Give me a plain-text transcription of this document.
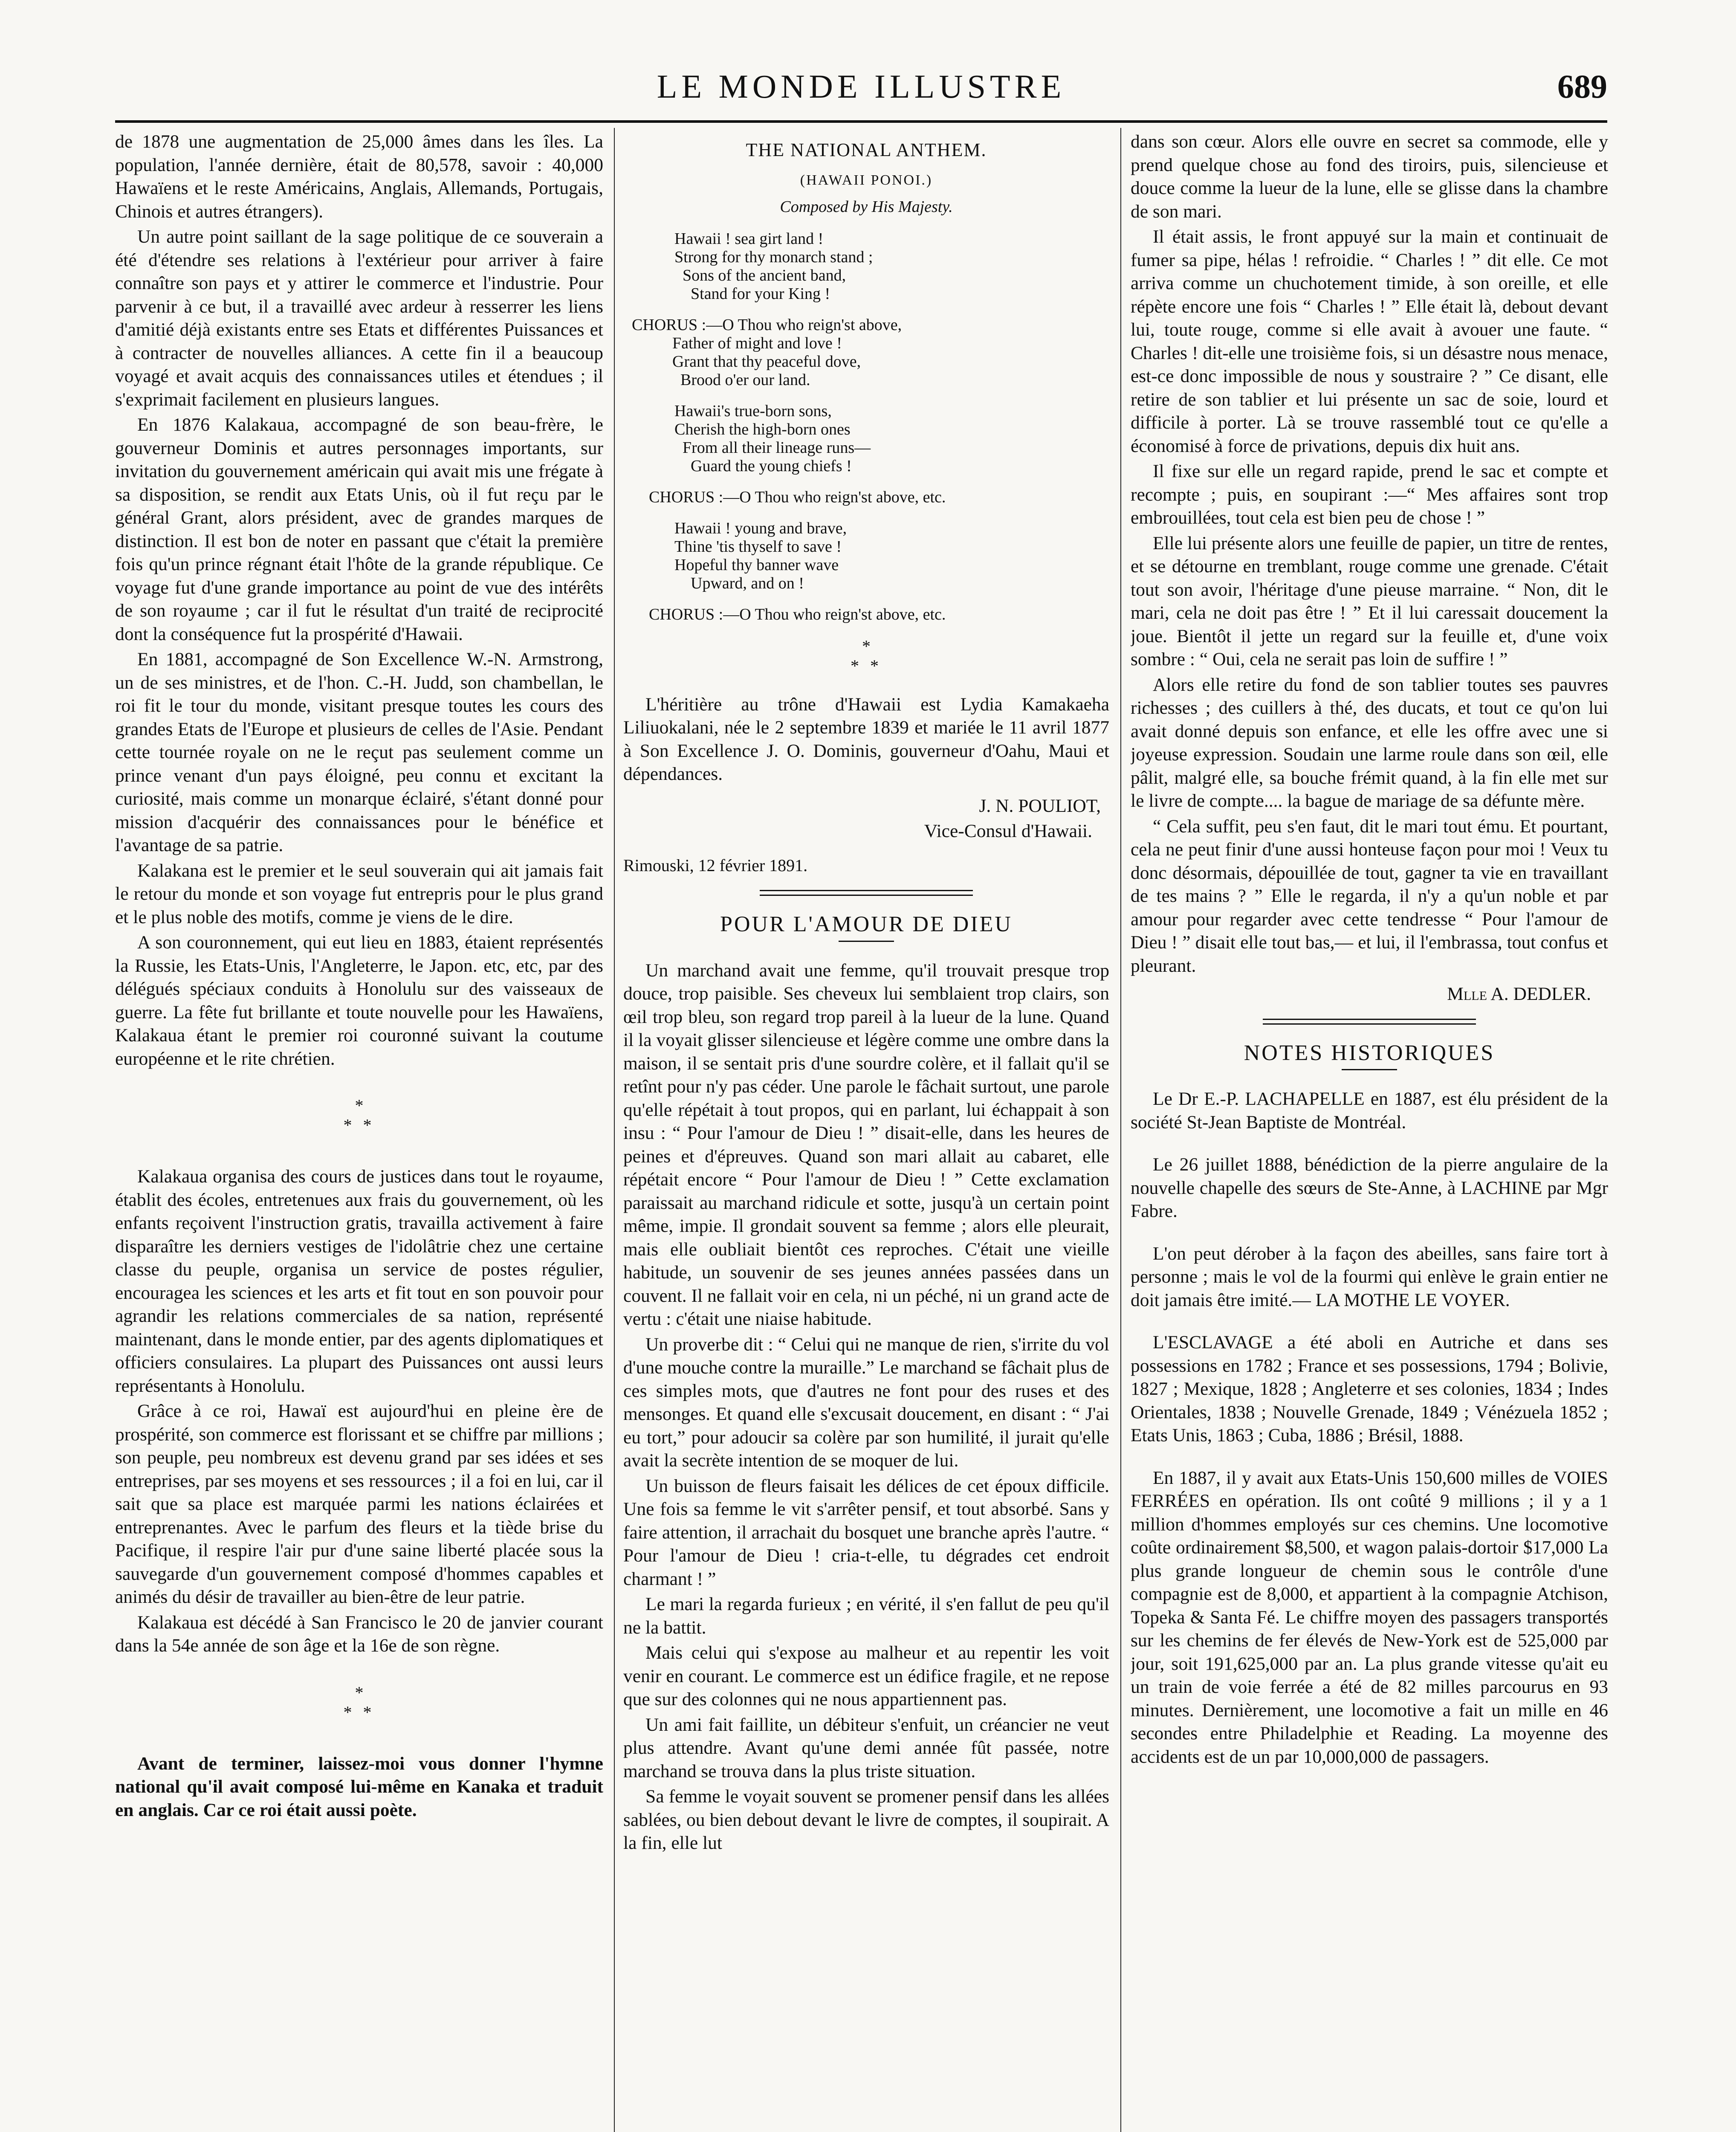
LE MONDE ILLUSTRE	689

de 1878 une augmentation de 25,000 âmes dans les îles. La population, l'année dernière, était de 80,578, savoir : 40,000 Hawaïens et le reste Américains, Anglais, Allemands, Portugais, Chinois et autres étrangers).

Un autre point saillant de la sage politique de ce souverain a été d'étendre ses relations à l'extérieur pour arriver à faire connaître son pays et y attirer le commerce et l'industrie. Pour parvenir à ce but, il a travaillé avec ardeur à resserrer les liens d'amitié déjà existants entre ses Etats et différentes Puissances et à contracter de nouvelles alliances. A cette fin il a beaucoup voyagé et avait acquis des connaissances utiles et étendues ; il s'exprimait facilement en plusieurs langues.

En 1876 Kalakaua, accompagné de son beau-frère, le gouverneur Dominis et autres personnages importants, sur invitation du gouvernement américain qui avait mis une frégate à sa disposition, se rendit aux Etats Unis, où il fut reçu par le général Grant, alors président, avec de grandes marques de distinction. Il est bon de noter en passant que c'était la première fois qu'un prince régnant était l'hôte de la grande république. Ce voyage fut d'une grande importance au point de vue des intérêts de son royaume ; car il fut le résultat d'un traité de reciprocité dont la conséquence fut la prospérité d'Hawaii.

En 1881, accompagné de Son Excellence W.-N. Armstrong, un de ses ministres, et de l'hon. C.-H. Judd, son chambellan, le roi fit le tour du monde, visitant presque toutes les cours des grandes Etats de l'Europe et plusieurs de celles de l'Asie. Pendant cette tournée royale on ne le reçut pas seulement comme un prince venant d'un pays éloigné, peu connu et excitant la curiosité, mais comme un monarque éclairé, s'étant donné pour mission d'acquérir des connaissances pour le bénéfice et l'avantage de sa patrie.

Kalakana est le premier et le seul souverain qui ait jamais fait le retour du monde et son voyage fut entrepris pour le plus grand et le plus noble des motifs, comme je viens de le dire.

A son couronnement, qui eut lieu en 1883, étaient représentés la Russie, les Etats-Unis, l'Angleterre, le Japon. etc, etc, par des délégués spéciaux conduits à Honolulu sur des vaisseaux de guerre. La fête fut brillante et toute nouvelle pour les Hawaïens, Kalakaua étant le premier roi couronné suivant la coutume européenne et le rite chrétien.

*
* *

Kalakaua organisa des cours de justices dans tout le royaume, établit des écoles, entretenues aux frais du gouvernement, où les enfants reçoivent l'instruction gratis, travailla activement à faire disparaître les derniers vestiges de l'idolâtrie chez une certaine classe du peuple, organisa un service de postes régulier, encouragea les sciences et les arts et fit tout en son pouvoir pour agrandir les relations commerciales de sa nation, représenté maintenant, dans le monde entier, par des agents diplomatiques et officiers consulaires. La plupart des Puissances ont aussi leurs représentants à Honolulu.

Grâce à ce roi, Hawaï est aujourd'hui en pleine ère de prospérité, son commerce est florissant et se chiffre par millions ; son peuple, peu nombreux est devenu grand par ses idées et ses entreprises, par ses moyens et ses ressources ; il a foi en lui, car il sait que sa place est marquée parmi les nations éclairées et entreprenantes. Avec le parfum des fleurs et la tiède brise du Pacifique, il respire l'air pur d'une saine liberté placée sous la sauvegarde d'un gouvernement composé d'hommes capables et animés du désir de travailler au bien-être de leur patrie.

Kalakaua est décédé à San Francisco le 20 de janvier courant dans la 54e année de son âge et la 16e de son règne.

*
* *

Avant de terminer, laissez-moi vous donner l'hymne national qu'il avait composé lui-même en Kanaka et traduit en anglais. Car ce roi était aussi poète.

THE NATIONAL ANTHEM.
(HAWAII PONOI.)
Composed by His Majesty.
Hawaii ! sea girt land !
Strong for thy monarch stand ;
Sons of the ancient band,
Stand for your King !
CHORUS :—O Thou who reign'st above,
Father of might and love !
Grant that thy peaceful dove,
Brood o'er our land.
Hawaii's true-born sons,
Cherish the high-born ones
From all their lineage runs—
Guard the young chiefs !
CHORUS :—O Thou who reign'st above, etc.
Hawaii ! young and brave,
Thine 'tis thyself to save !
Hopeful thy banner wave
Upward, and on !
CHORUS :—O Thou who reign'st above, etc.
*
* *

L'héritière au trône d'Hawaii est Lydia Kamakaeha Liliuokalani, née le 2 septembre 1839 et mariée le 11 avril 1877 à Son Excellence J. O. Dominis, gouverneur d'Oahu, Maui et dépendances.

J. N. POULIOT,
Vice-Consul d'Hawaii.
Rimouski, 12 février 1891.
POUR L'AMOUR DE DIEU

Un marchand avait une femme, qu'il trouvait presque trop douce, trop paisible. Ses cheveux lui semblaient trop clairs, son œil trop bleu, son regard trop pareil à la lueur de la lune. Quand il la voyait glisser silencieuse et légère comme une ombre dans la maison, il se sentait pris d'une sourdre colère, et il fallait qu'il se retînt pour n'y pas céder. Une parole le fâchait surtout, une parole qu'elle répétait à tout propos, qui en parlant, lui échappait à son insu : “ Pour l'amour de Dieu ! ” disait-elle, dans les heures de peines et d'épreuves. Quand son mari allait au cabaret, elle répétait encore “ Pour l'amour de Dieu ! ” Cette exclamation paraissait au marchand ridicule et sotte, jusqu'à un certain point même, impie. Il grondait souvent sa femme ; alors elle pleurait, mais elle oubliait bientôt ces reproches. C'était une vieille habitude, un souvenir de ses jeunes années passées dans un couvent. Il ne fallait voir en cela, ni un péché, ni un grand acte de vertu : c'était une niaise habitude.

Un proverbe dit : “ Celui qui ne manque de rien, s'irrite du vol d'une mouche contre la muraille.” Le marchand se fâchait plus de ces simples mots, que d'autres ne font pour des ruses et des mensonges. Et quand elle s'excusait doucement, en disant : “ J'ai eu tort,” pour adoucir sa colère par son humilité, il jurait qu'elle avait la secrète intention de se moquer de lui.

Un buisson de fleurs faisait les délices de cet époux difficile. Une fois sa femme le vit s'arrêter pensif, et tout absorbé. Sans y faire attention, il arrachait du bosquet une branche après l'autre. “ Pour l'amour de Dieu ! cria-t-elle, tu dégrades cet endroit charmant ! ”

Le mari la regarda furieux ; en vérité, il s'en fallut de peu qu'il ne la battit.

Mais celui qui s'expose au malheur et au repentir les voit venir en courant. Le commerce est un édifice fragile, et ne repose que sur des colonnes qui ne nous appartiennent pas.

Un ami fait faillite, un débiteur s'enfuit, un créancier ne veut plus attendre. Avant qu'une demi année fût passée, notre marchand se trouva dans la plus triste situation.

Sa femme le voyait souvent se promener pensif dans les allées sablées, ou bien debout devant le livre de comptes, il soupirait. A la fin, elle lut

dans son cœur. Alors elle ouvre en secret sa commode, elle y prend quelque chose au fond des tiroirs, puis, silencieuse et douce comme la lueur de la lune, elle se glisse dans la chambre de son mari.

Il était assis, le front appuyé sur la main et continuait de fumer sa pipe, hélas ! refroidie. “ Charles ! ” dit elle. Ce mot arriva comme un chuchotement timide, à son oreille, et elle répète encore une fois “ Charles ! ” Elle était là, debout devant lui, toute rouge, comme si elle avait à avouer une faute. “ Charles ! dit-elle une troisième fois, si un désastre nous menace, est-ce donc impossible de nous y soustraire ? ” Ce disant, elle retire de son tablier et lui présente un sac de soie, lourd et difficile à porter. Là se trouve rassemblé tout ce qu'elle a économisé à force de privations, depuis dix huit ans.

Il fixe sur elle un regard rapide, prend le sac et compte et recompte ; puis, en soupirant :—“ Mes affaires sont trop embrouillées, tout cela est bien peu de chose ! ”

Elle lui présente alors une feuille de papier, un titre de rentes, et se détourne en tremblant, rouge comme une grenade. C'était tout son avoir, l'héritage d'une pieuse marraine. “ Non, dit le mari, cela ne doit pas être ! ” Et il lui caressait doucement la joue. Bientôt il jette un regard sur la feuille et, d'une voix sombre : “ Oui, cela ne serait pas loin de suffire ! ”

Alors elle retire du fond de son tablier toutes ses pauvres richesses ; des cuillers à thé, des ducats, et tout ce qu'on lui avait donné depuis son enfance, et elle les offre avec une si joyeuse expression. Soudain une larme roule dans son œil, elle pâlit, malgré elle, sa bouche frémit quand, à la fin elle met sur le livre de compte.... la bague de mariage de sa défunte mère.

“ Cela suffit, peu s'en faut, dit le mari tout ému. Et pourtant, cela ne peut finir d'une aussi honteuse façon pour moi ! Veux tu donc désormais, dépouillée de tout, gagner ta vie en travaillant de tes mains ? ” Elle le regarda, il n'y a qu'un noble et par amour pour regarder avec cette tendresse “ Pour l'amour de Dieu ! ” disait elle tout bas,— et lui, il l'embrassa, tout confus et pleurant.

Mlle A. DEDLER.
NOTES HISTORIQUES

Le Dr E.-P. LACHAPELLE en 1887, est élu président de la société St-Jean Baptiste de Montréal.

Le 26 juillet 1888, bénédiction de la pierre angulaire de la nouvelle chapelle des sœurs de Ste-Anne, à LACHINE par Mgr Fabre.

L'on peut dérober à la façon des abeilles, sans faire tort à personne ; mais le vol de la fourmi qui enlève le grain entier ne doit jamais être imité.— LA MOTHE LE VOYER.

L'ESCLAVAGE a été aboli en Autriche et dans ses possessions en 1782 ; France et ses possessions, 1794 ; Bolivie, 1827 ; Mexique, 1828 ; Angleterre et ses colonies, 1834 ; Indes Orientales, 1838 ; Nouvelle Grenade, 1849 ; Vénézuela 1852 ; Etats Unis, 1863 ; Cuba, 1886 ; Brésil, 1888.

En 1887, il y avait aux Etats-Unis 150,600 milles de VOIES FERRÉES en opération. Ils ont coûté 9 millions ; il y a 1 million d'hommes employés sur ces chemins. Une locomotive coûte ordinairement $8,500, et wagon palais-dortoir $17,000 La plus grande longueur de chemin sous le contrôle d'une compagnie est de 8,000, et appartient à la compagnie Atchison, Topeka & Santa Fé. Le chiffre moyen des passagers transportés sur les chemins de fer élevés de New-York est de 525,000 par jour, soit 191,625,000 par an. La plus grande vitesse qu'ait eu un train de voie ferrée a été de 82 milles parcourus en 93 minutes. Dernièrement, une locomotive a fait un mille en 46 secondes entre Philadelphie et Reading. La moyenne des accidents est de un par 10,000,000 de passagers.
